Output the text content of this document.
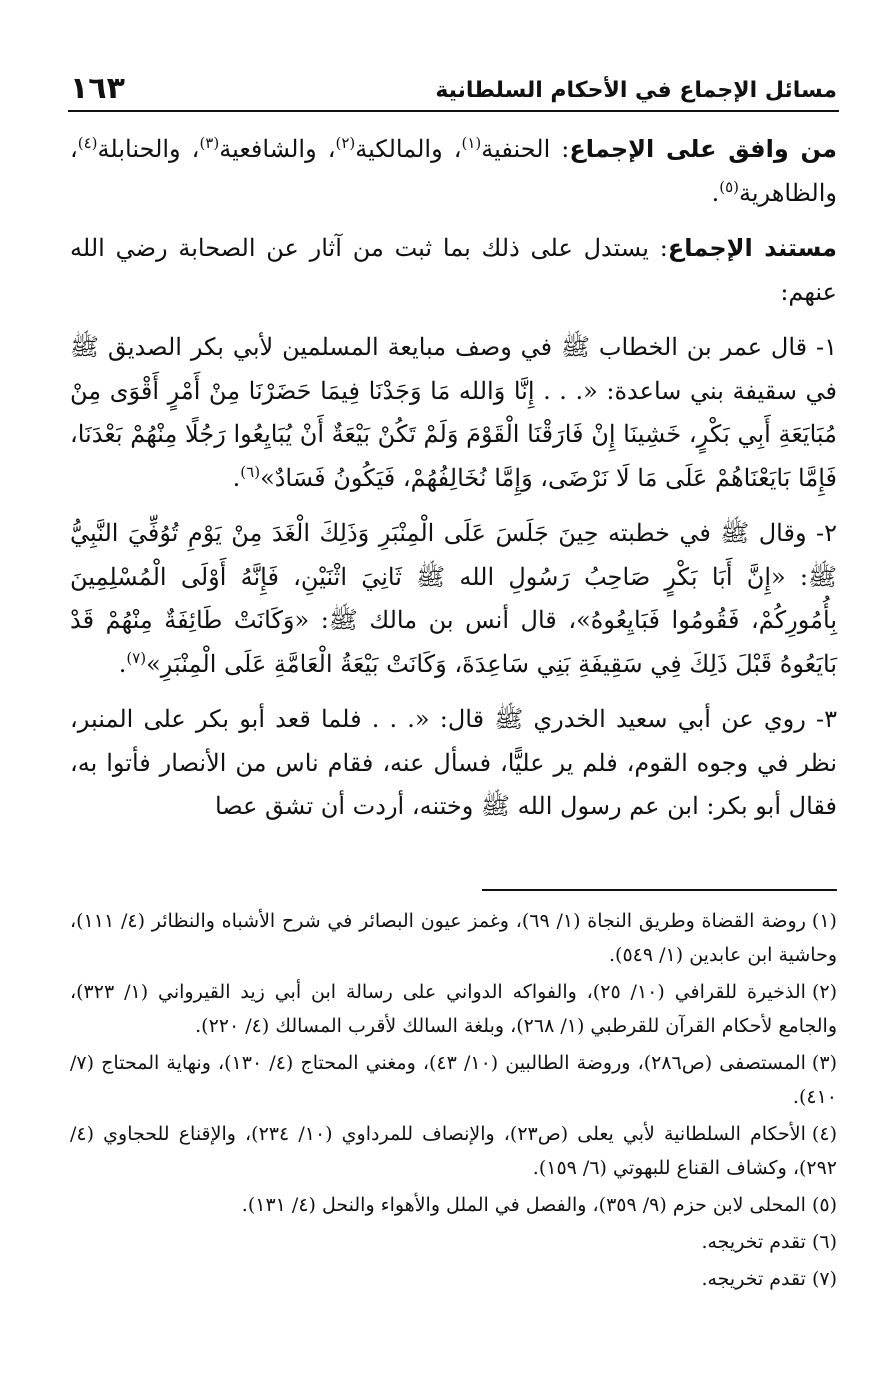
مسائل الإجماع في الأحكام السلطانية
١٦٣

من وافق على الإجماع: الحنفية$^{(١)}$، والمالكية$^{(٢)}$، والشافعية$^{(٣)}$، والحنابلة$^{(٤)}$، والظاهرية$^{(٥)}$.

مستند الإجماع: يستدل على ذلك بما ثبت من آثار عن الصحابة رضي الله عنهم:

١- قال عمر بن الخطاب ﷺ في وصف مبايعة المسلمين لأبي بكر الصديق ﷺ في سقيفة بني ساعدة: «. . . إِنَّا وَالله مَا وَجَدْنَا فِيمَا حَضَرْنَا مِنْ أَمْرٍ أَقْوَى مِنْ مُبَايَعَةِ أَبِي بَكْرٍ، خَشِينَا إِنْ فَارَقْنَا الْقَوْمَ وَلَمْ تَكُنْ بَيْعَةٌ أَنْ يُبَايِعُوا رَجُلًا مِنْهُمْ بَعْدَنَا، فَإِمَّا بَايَعْنَاهُمْ عَلَى مَا لَا نَرْضَى، وَإِمَّا نُخَالِفُهُمْ، فَيَكُونُ فَسَادٌ»$^{(٦)}$.

٢- وقال ﷺ في خطبته حِينَ جَلَسَ عَلَى الْمِنْبَرِ وَذَلِكَ الْغَدَ مِنْ يَوْمِ تُوُفِّيَ النَّبِيُّ ﷺ: «إِنَّ أَبَا بَكْرٍ صَاحِبُ رَسُولِ الله ﷺ ثَانِيَ اثْنَيْنِ، فَإِنَّهُ أَوْلَى الْمُسْلِمِينَ بِأُمُورِكُمْ، فَقُومُوا فَبَايِعُوهُ»، قال أنس بن مالك ﷺ: «وَكَانَتْ طَائِفَةٌ مِنْهُمْ قَدْ بَايَعُوهُ قَبْلَ ذَلِكَ فِي سَقِيفَةِ بَنِي سَاعِدَةَ، وَكَانَتْ بَيْعَةُ الْعَامَّةِ عَلَى الْمِنْبَرِ»$^{(٧)}$.

٣- روي عن أبي سعيد الخدري ﷺ قال: «. . . فلما قعد أبو بكر على المنبر، نظر في وجوه القوم، فلم ير عليًّا، فسأل عنه، فقام ناس من الأنصار فأتوا به، فقال أبو بكر: ابن عم رسول الله ﷺ وختنه، أردت أن تشق عصا

(١)روضة القضاة وطريق النجاة (١/ ٦٩)، وغمز عيون البصائر في شرح الأشباه والنظائر (٤/ ١١١)، وحاشية ابن عابدين (١/ ٥٤٩).
(٢)الذخيرة للقرافي (١٠/ ٢٥)، والفواكه الدواني على رسالة ابن أبي زيد القيرواني (١/ ٣٢٣)، والجامع لأحكام القرآن للقرطبي (١/ ٢٦٨)، وبلغة السالك لأقرب المسالك (٤/ ٢٢٠).
(٣)المستصفى (ص٢٨٦)، وروضة الطالبين (١٠/ ٤٣)، ومغني المحتاج (٤/ ١٣٠)، ونهاية المحتاج (٧/ ٤١٠).
(٤)الأحكام السلطانية لأبي يعلى (ص٢٣)، والإنصاف للمرداوي (١٠/ ٢٣٤)، والإقناع للحجاوي (٤/ ٢٩٢)، وكشاف القناع للبهوتي (٦/ ١٥٩).
(٥)المحلى لابن حزم (٩/ ٣٥٩)، والفصل في الملل والأهواء والنحل (٤/ ١٣١).
(٦)تقدم تخريجه.
(٧)تقدم تخريجه.
